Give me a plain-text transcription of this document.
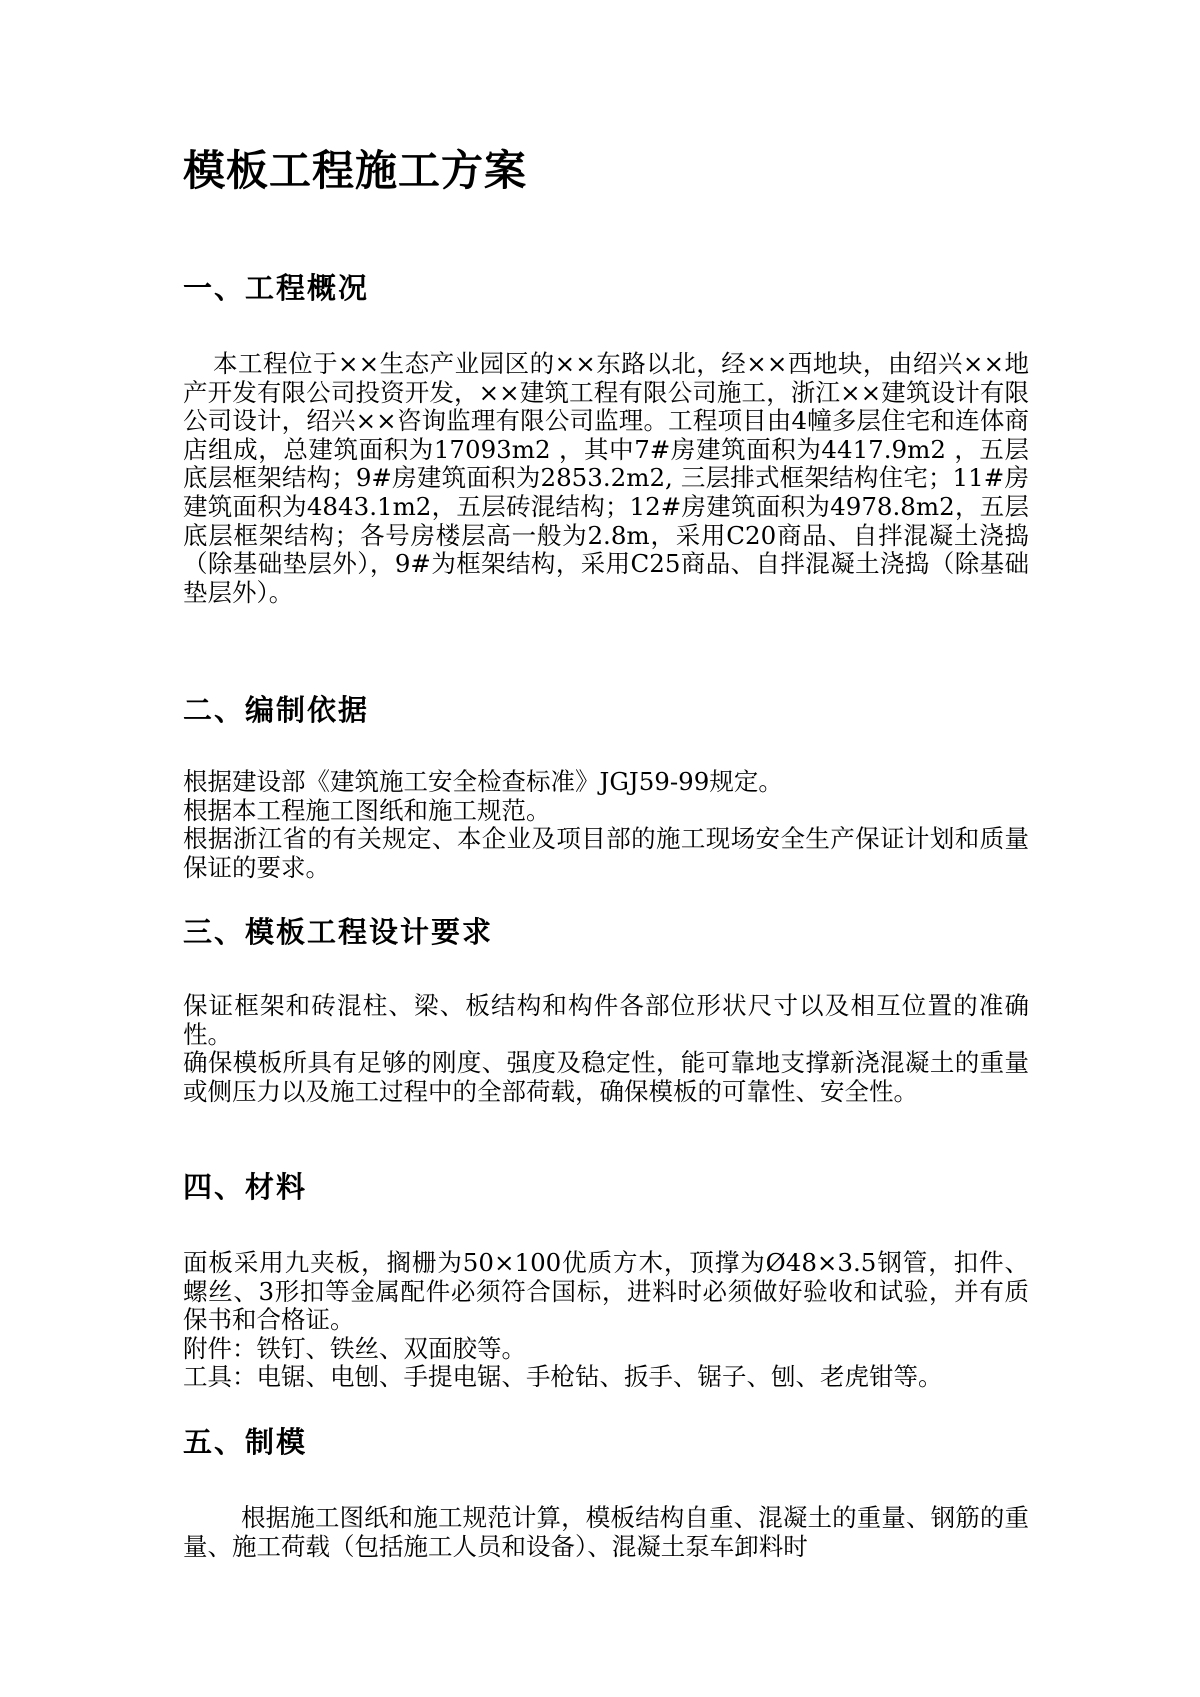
模板工程施工方案
一、工程概况

本工程位于××生态产业园区的××东路以北，经××西地块，由绍兴××地产开发有限公司投资开发，××建筑工程有限公司施工，浙江××建筑设计有限公司设计，绍兴××咨询监理有限公司监理。工程项目由4幢多层住宅和连体商店组成，总建筑面积为17093m2 ，其中7#房建筑面积为4417.9m2 ，五层底层框架结构；9#房建筑面积为2853.2m2, 三层排式框架结构住宅；11#房建筑面积为4843.1m2，五层砖混结构；12#房建筑面积为4978.8m2，五层底层框架结构；各号房楼层高一般为2.8m，采用C20商品、自拌混凝土浇捣（除基础垫层外），9#为框架结构，采用C25商品、自拌混凝土浇捣（除基础垫层外）。

二、编制依据

根据建设部《建筑施工安全检查标准》JGJ59-99规定。

根据本工程施工图纸和施工规范。

根据浙江省的有关规定、本企业及项目部的施工现场安全生产保证计划和质量保证的要求。

三、模板工程设计要求

保证框架和砖混柱、梁、板结构和构件各部位形状尺寸以及相互位置的准确性。

确保模板所具有足够的刚度、强度及稳定性，能可靠地支撑新浇混凝土的重量或侧压力以及施工过程中的全部荷载，确保模板的可靠性、安全性。

四、材料

面板采用九夹板，搁栅为50×100优质方木，顶撑为Ø48×3.5钢管，扣件、螺丝、3形扣等金属配件必须符合国标，进料时必须做好验收和试验，并有质保书和合格证。

附件：铁钉、铁丝、双面胶等。

工具：电锯、电刨、手提电锯、手枪钻、扳手、锯子、刨、老虎钳等。

五、制模

根据施工图纸和施工规范计算，模板结构自重、混凝土的重量、钢筋的重量、施工荷载（包括施工人员和设备）、混凝土泵车卸料时
